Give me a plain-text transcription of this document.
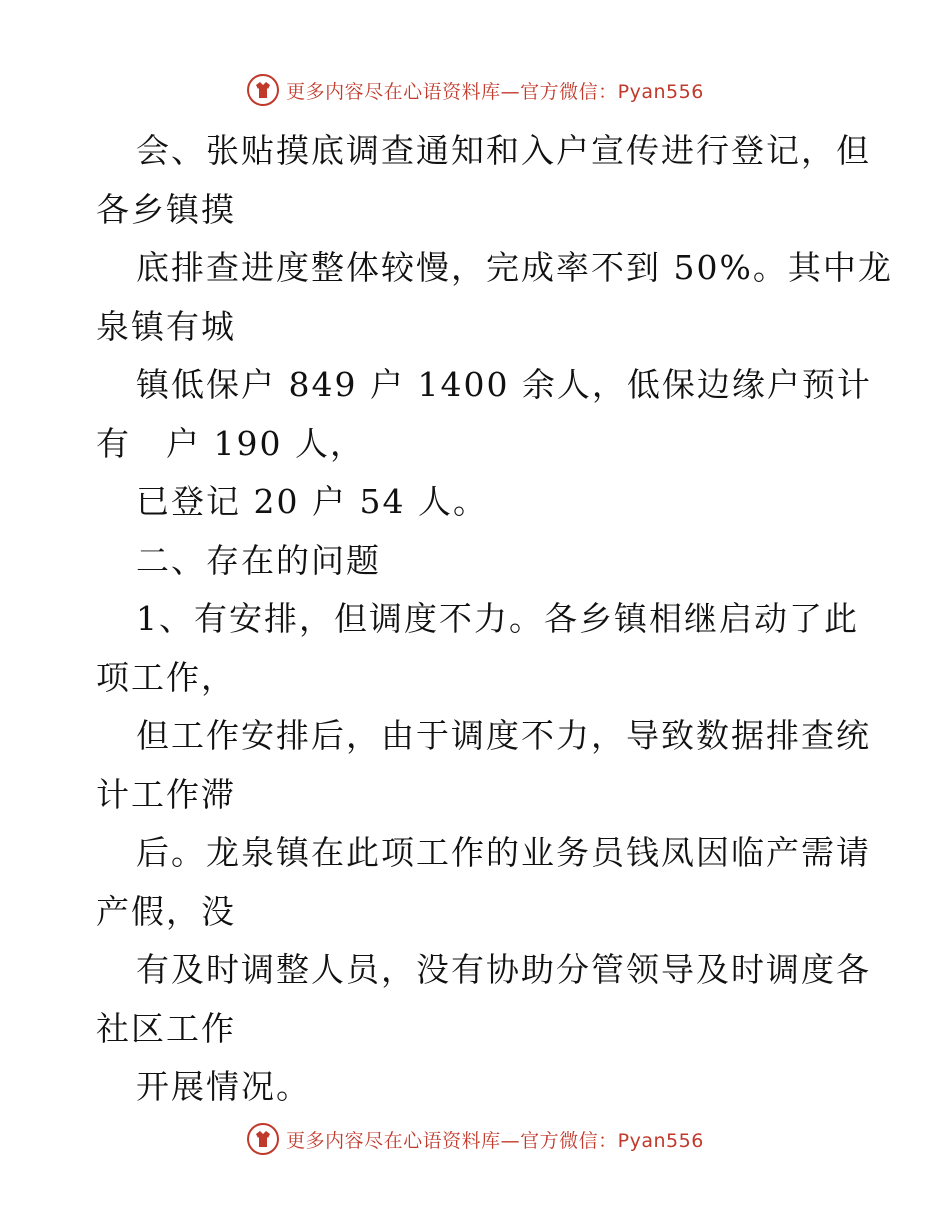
更多内容尽在心语资料库—官方微信：Pyan556
会、张贴摸底调查通知和入户宣传进行登记，但
各乡镇摸
底排查进度整体较慢，完成率不到 50%。其中龙
泉镇有城
镇低保户 849 户 1400 余人，低保边缘户预计
有　户 190 人，
已登记 20 户 54 人。
二、存在的问题
1、有安排，但调度不力。各乡镇相继启动了此
项工作，
但工作安排后，由于调度不力，导致数据排查统
计工作滞
后。龙泉镇在此项工作的业务员钱凤因临产需请
产假，没
有及时调整人员，没有协助分管领导及时调度各
社区工作
开展情况。
更多内容尽在心语资料库—官方微信：Pyan556
